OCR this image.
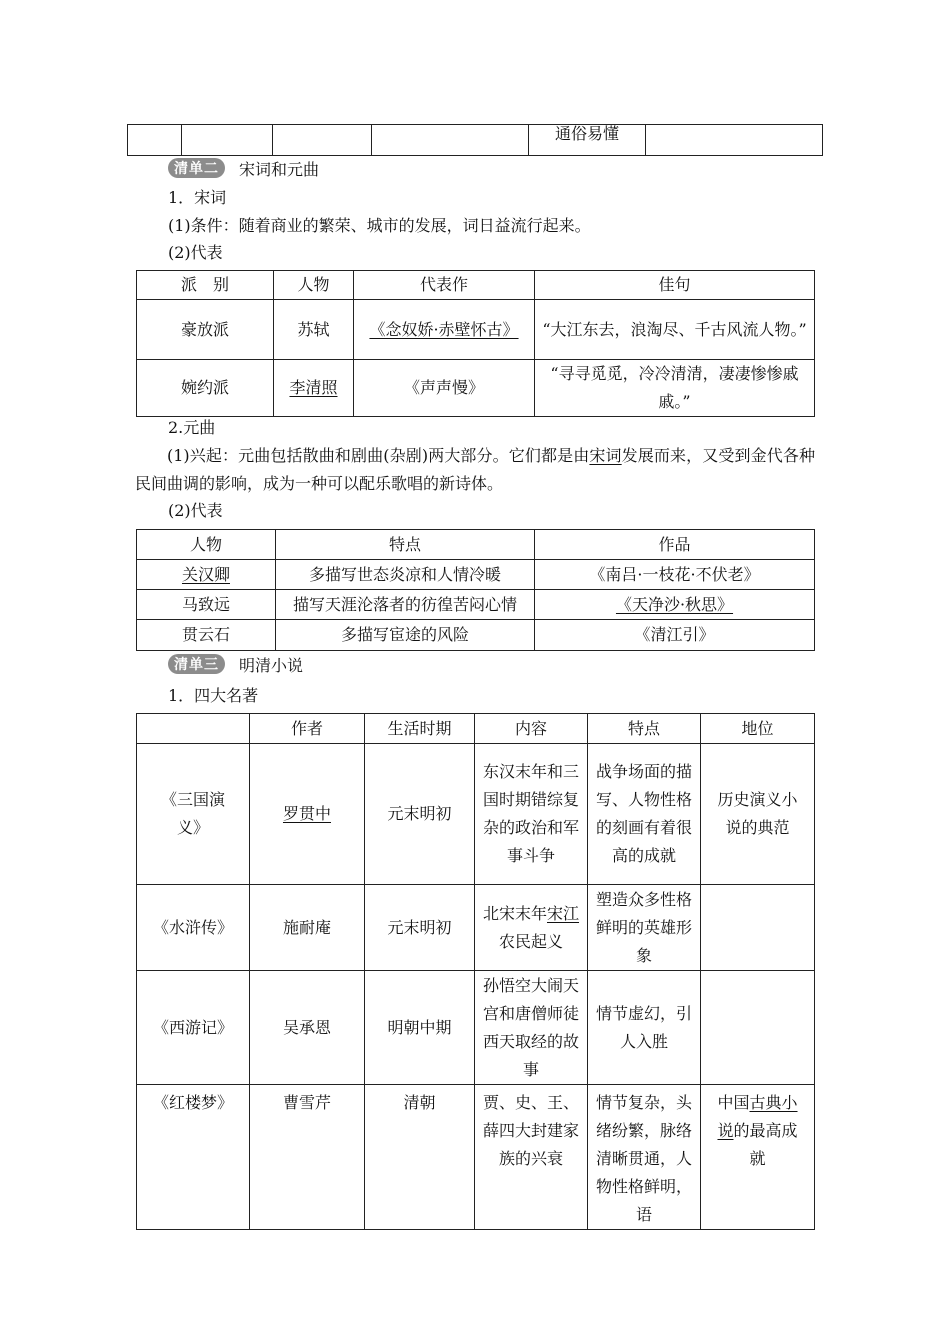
				通俗易懂	
清 单 二 宋词和元曲
1．宋词
(1)条件：随着商业的繁荣、城市的发展，词日益流行起来。
(2)代表
派　别	人物	代表作	佳句
豪放派	苏轼	《念奴娇·赤壁怀古》	“大江东去，浪淘尽、千古风流人物。”
婉约派	李清照	《声声慢》	“寻寻觅觅，冷冷清清，凄凄惨惨戚戚。”
2.元曲
(1)兴起：元曲包括散曲和剧曲(杂剧)两大部分。它们都是由宋词发展而来，又受到金代各种民间曲调的影响，成为一种可以配乐歌唱的新诗体。
(2)代表
人物	特点	作品
关汉卿	多描写世态炎凉和人情冷暖	《南吕·一枝花·不伏老》
马致远	描写天涯沦落者的彷徨苦闷心情	《天净沙·秋思》
贯云石	多描写宦途的风险	《清江引》
清 单 三 明清小说
1．四大名著
	作者	生活时期	内容	特点	地位
《三国演义》	罗贯中	元末明初	东汉末年和三国时期错综复杂的政治和军事斗争	战争场面的描写、人物性格的刻画有着很高的成就	历史演义小说的典范
《水浒传》	施耐庵	元末明初	北宋末年宋江农民起义	塑造众多性格鲜明的英雄形象	
《西游记》	吴承恩	明朝中期	孙悟空大闹天宫和唐僧师徒西天取经的故事	情节虚幻，引人入胜	
《红楼梦》	曹雪芹	清朝	贾、史、王、薛四大封建家族的兴衰	情节复杂，头绪纷繁，脉络清晰贯通，人物性格鲜明，语	中国古典小说的最高成就
